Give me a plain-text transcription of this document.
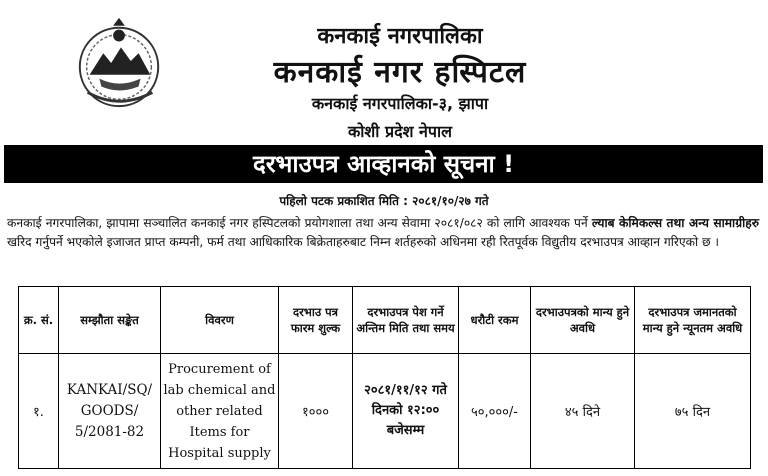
कनकाई नगरपालिका
कनकाई नगर हस्पिटल
कनकाई नगरपालिका-३, झापा
कोशी प्रदेश नेपाल
दरभाउपत्र आव्हानको सूचना !
पहिलो पटक प्रकाशित मिति : २०८१/१०/२७ गते
कनकाई नगरपालिका, झापामा सञ्चालित कनकाई नगर हस्पिटलको प्रयोगशाला तथा अन्य सेवामा २०८१/०८२ को लागि आवश्यक पर्ने ल्याब केमिकल्स तथा अन्य सामाग्रीहरु खरिद गर्नुपर्ने भएकोले इजाजत प्राप्त कम्पनी, फर्म तथा आधिकारिक बिक्रेताहरुबाट निम्न शर्तहरुको अधिनमा रही रितपूर्वक विद्युतीय दरभाउपत्र आव्हान गरिएको छ ।
क्र. सं.	सम्झौता सङ्केत	विवरण	दरभाउ पत्र फारम शुल्क	दरभाउपत्र पेश गर्ने अन्तिम मिति तथा समय	धरौटी रकम	दरभाउपत्रको मान्य हुने अवधि	दरभाउपत्र जमानतको मान्य हुने न्यूनतम अवधि
१.	KANKAI/SQ/ GOODS/ 5/2081-82	Procurement of lab chemical and other related Items for Hospital supply	१०००	२०८१/११/१२ गते दिनको १२:०० बजेसम्म	५०,०००/-	४५ दिने	७५ दिन
